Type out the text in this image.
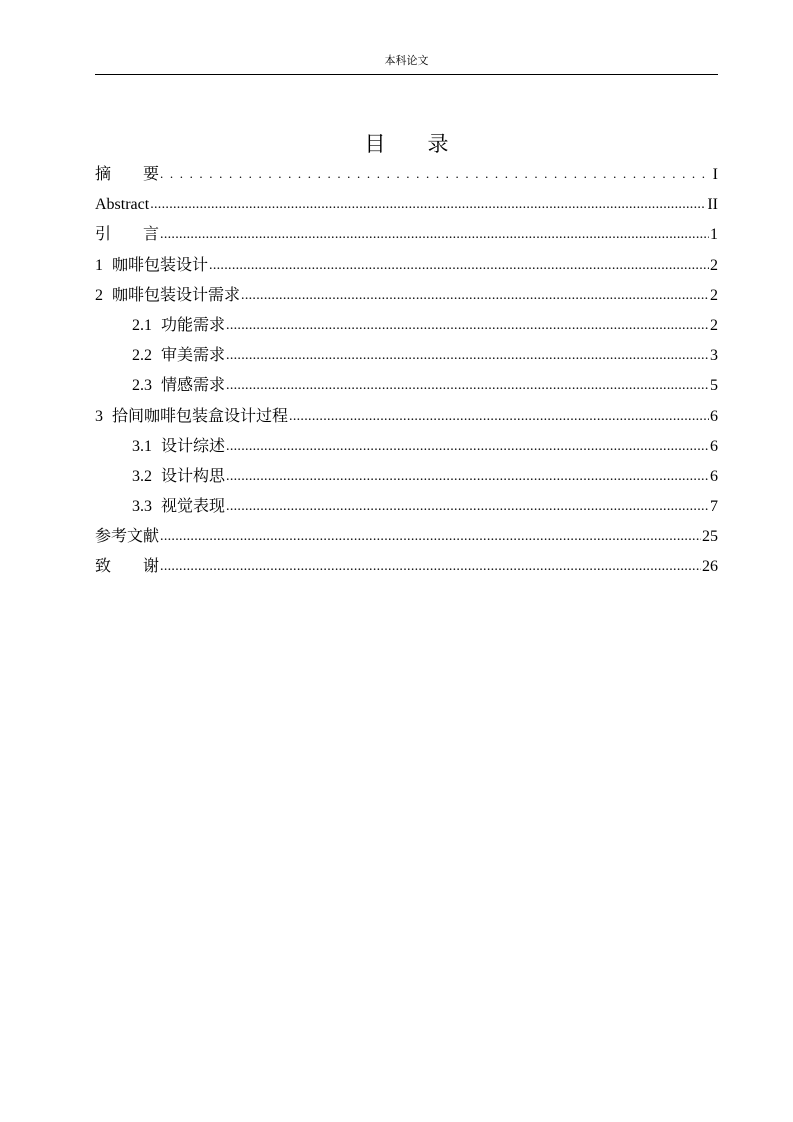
本科论文
目　　录
摘　　要 .....	I
Abstract .....	II
引　　言 .....	1
1 咖啡包装设计 .....	2
2 咖啡包装设计需求 .....	2
2.1 功能需求 .....	2
2.2 审美需求 .....	3
2.3 情感需求 .....	5
3 拾间咖啡包装盒设计过程 .....	6
3.1 设计综述 .....	6
3.2 设计构思 .....	6
3.3 视觉表现 .....	7
参考文献 .....	25
致　　谢 .....	26
